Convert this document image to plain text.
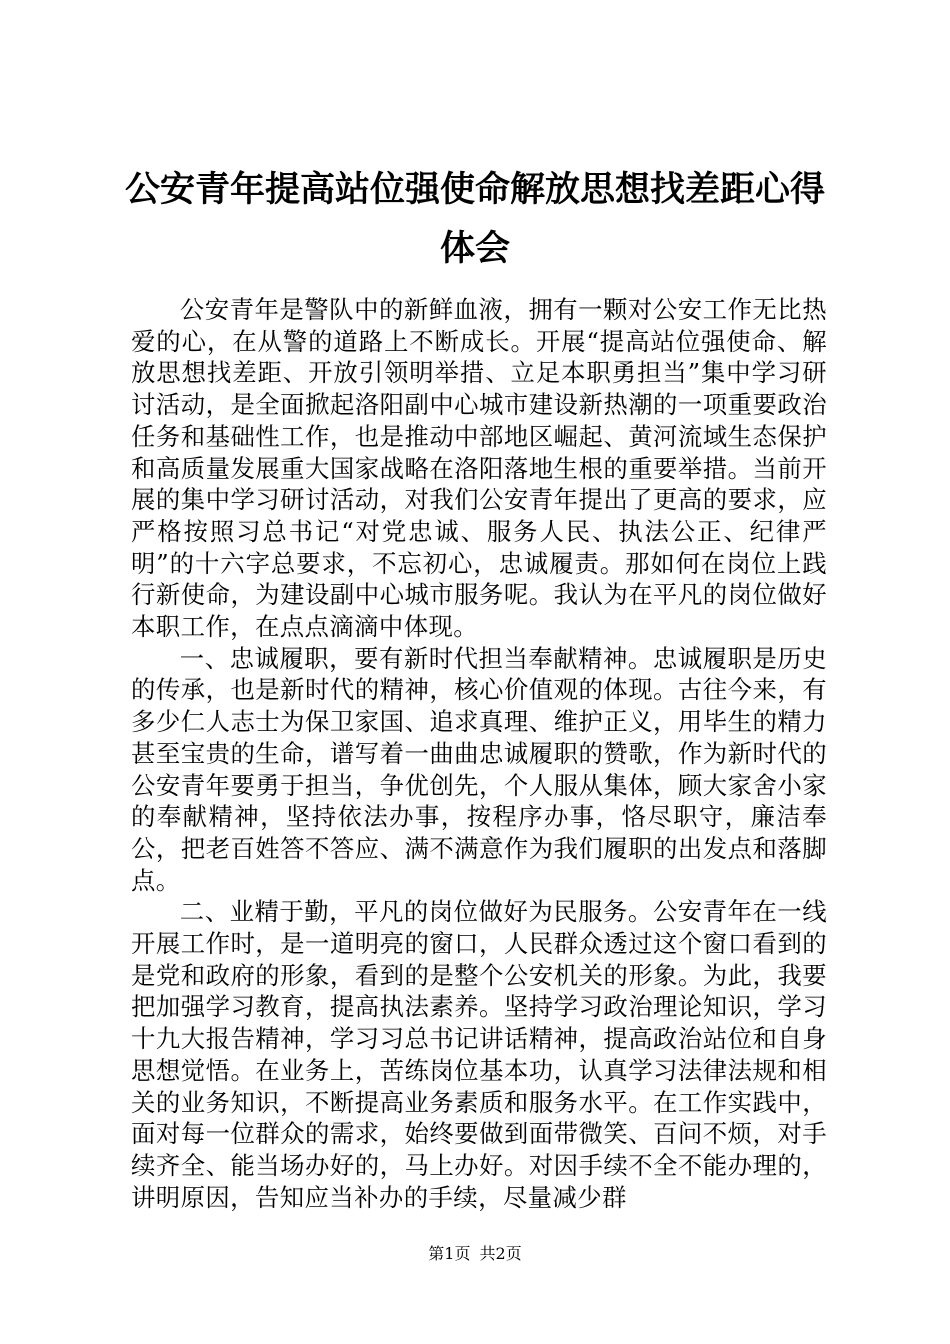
公安青年提高站位强使命解放思想找差距心得体会

公安青年是警队中的新鲜血液，拥有一颗对公安工作无比热爱的心，在从警的道路上不断成长。开展“提高站位强使命、解放思想找差距、开放引领明举措、立足本职勇担当”集中学习研讨活动，是全面掀起洛阳副中心城市建设新热潮的一项重要政治任务和基础性工作，也是推动中部地区崛起、黄河流域生态保护和高质量发展重大国家战略在洛阳落地生根的重要举措。当前开展的集中学习研讨活动，对我们公安青年提出了更高的要求，应严格按照习总书记“对党忠诚、服务人民、执法公正、纪律严明”的十六字总要求，不忘初心，忠诚履责。那如何在岗位上践行新使命，为建设副中心城市服务呢。我认为在平凡的岗位做好本职工作，在点点滴滴中体现。

一、忠诚履职，要有新时代担当奉献精神。忠诚履职是历史的传承，也是新时代的精神，核心价值观的体现。古往今来，有多少仁人志士为保卫家国、追求真理、维护正义，用毕生的精力甚至宝贵的生命，谱写着一曲曲忠诚履职的赞歌，作为新时代的公安青年要勇于担当，争优创先，个人服从集体，顾大家舍小家的奉献精神，坚持依法办事，按程序办事，恪尽职守，廉洁奉公，把老百姓答不答应、满不满意作为我们履职的出发点和落脚点。

二、业精于勤，平凡的岗位做好为民服务。公安青年在一线开展工作时，是一道明亮的窗口，人民群众透过这个窗口看到的是党和政府的形象，看到的是整个公安机关的形象。为此，我要把加强学习教育，提高执法素养。坚持学习政治理论知识，学习十九大报告精神，学习习总书记讲话精神，提高政治站位和自身思想觉悟。在业务上，苦练岗位基本功，认真学习法律法规和相关的业务知识，不断提高业务素质和服务水平。在工作实践中，面对每一位群众的需求，始终要做到面带微笑、百问不烦，对手续齐全、能当场办好的，马上办好。对因手续不全不能办理的，讲明原因，告知应当补办的手续，尽量减少群

第1页 共2页
